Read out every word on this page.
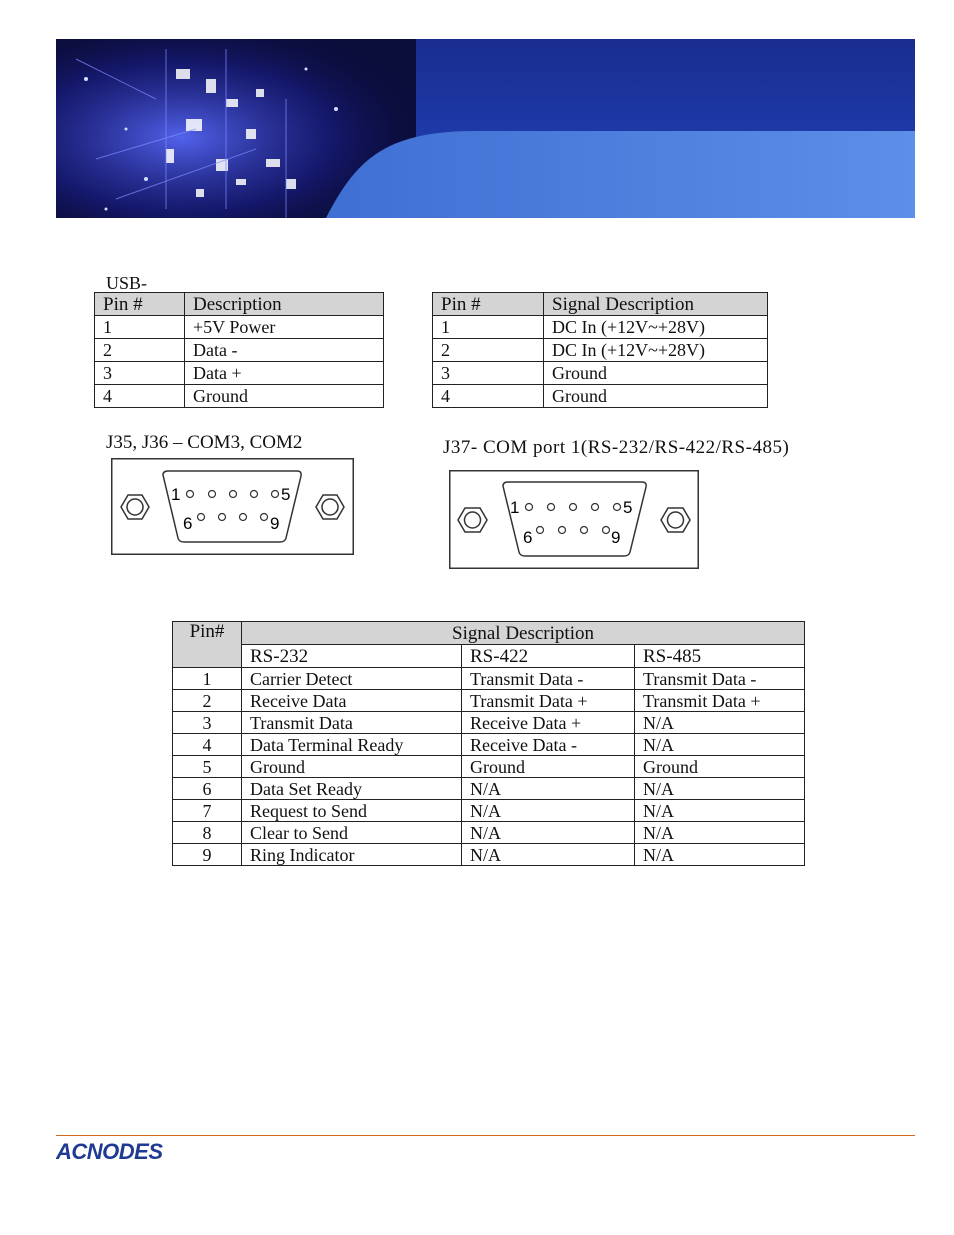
USB-
Pin #	Description
1	+5V Power
2	Data -
3	Data +
4	Ground
Pin #	Signal Description
1	DC In (+12V~+28V)
2	DC In (+12V~+28V)
3	Ground
4	Ground
J35, J36 – COM3, COM2	J37- COM port 1(RS-232/RS-422/RS-485)
1	5
6	9
1	5
6	9
Pin#	Signal Description		
	RS-232	RS-422	RS-485
1	Carrier Detect	Transmit Data -	Transmit Data -
2	Receive Data	Transmit Data +	Transmit Data +
3	Transmit Data	Receive Data +	N/A
4	Data Terminal Ready	Receive Data -	N/A
5	Ground	Ground	Ground
6	Data Set Ready	N/A	N/A
7	Request to Send	N/A	N/A
8	Clear to Send	N/A	N/A
9	Ring Indicator	N/A	N/A
ACNODES
